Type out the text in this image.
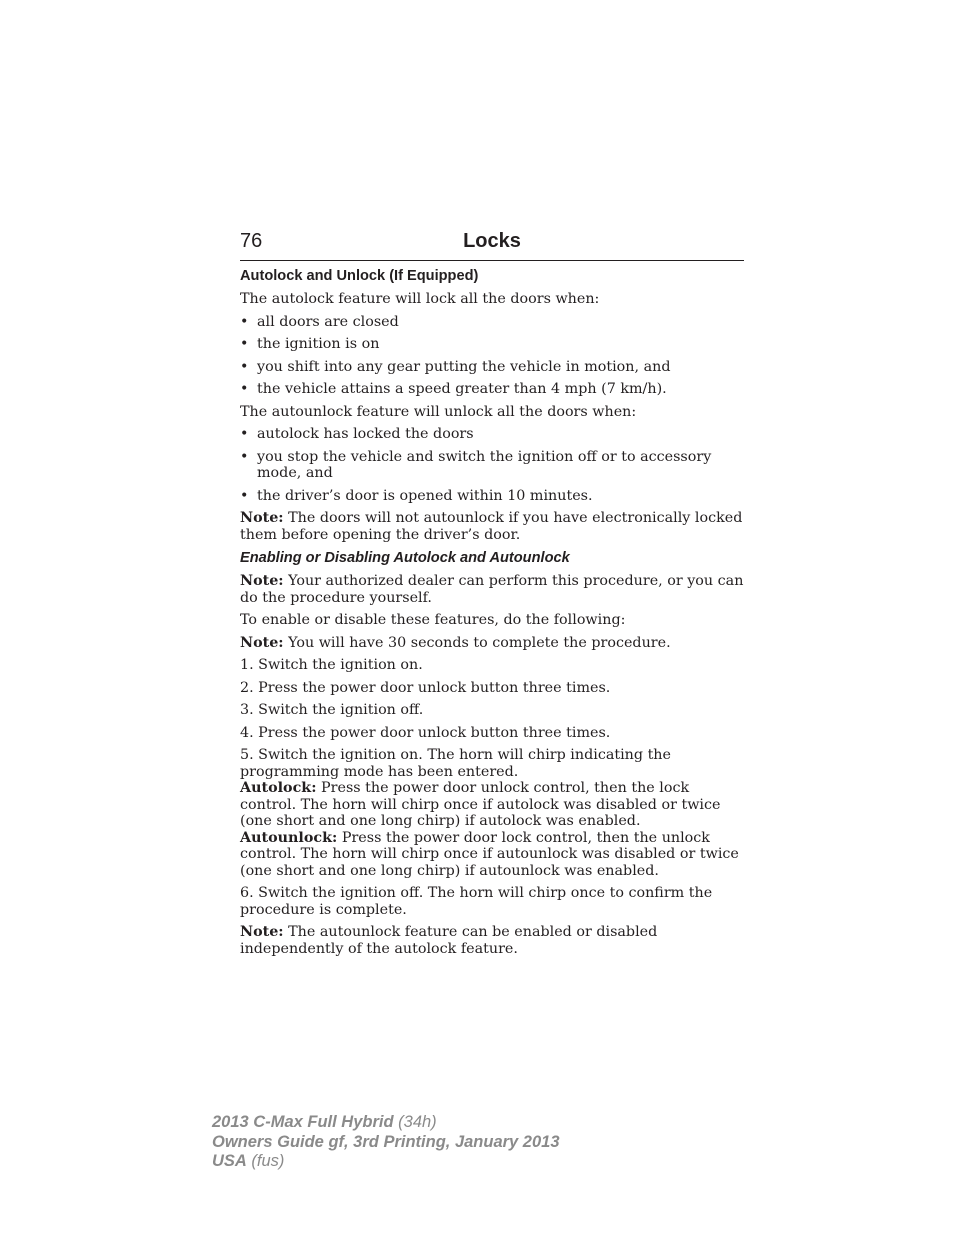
76	Locks
Autolock and Unlock (If Equipped)

The autolock feature will lock all the doors when:

• all doors are closed
• the ignition is on
• you shift into any gear putting the vehicle in motion, and
• the vehicle attains a speed greater than 4 mph (7 km/h).

The autounlock feature will unlock all the doors when:

• autolock has locked the doors
• you stop the vehicle and switch the ignition off or to accessory mode, and
• the driver’s door is opened within 10 minutes.

Note: The doors will not autounlock if you have electronically locked them before opening the driver’s door.

Enabling or Disabling Autolock and Autounlock

Note: Your authorized dealer can perform this procedure, or you can do the procedure yourself.

To enable or disable these features, do the following:

Note: You will have 30 seconds to complete the procedure.

1. Switch the ignition on.

2. Press the power door unlock button three times.

3. Switch the ignition off.

4. Press the power door unlock button three times.

5. Switch the ignition on. The horn will chirp indicating the programming mode has been entered.

Autolock: Press the power door unlock control, then the lock control. The horn will chirp once if autolock was disabled or twice (one short and one long chirp) if autolock was enabled.

Autounlock: Press the power door lock control, then the unlock control. The horn will chirp once if autounlock was disabled or twice (one short and one long chirp) if autounlock was enabled.

6. Switch the ignition off. The horn will chirp once to confirm the procedure is complete.

Note: The autounlock feature can be enabled or disabled independently of the autolock feature.

2013 C-Max Full Hybrid (34h)
Owners Guide gf, 3rd Printing, January 2013
USA (fus)
